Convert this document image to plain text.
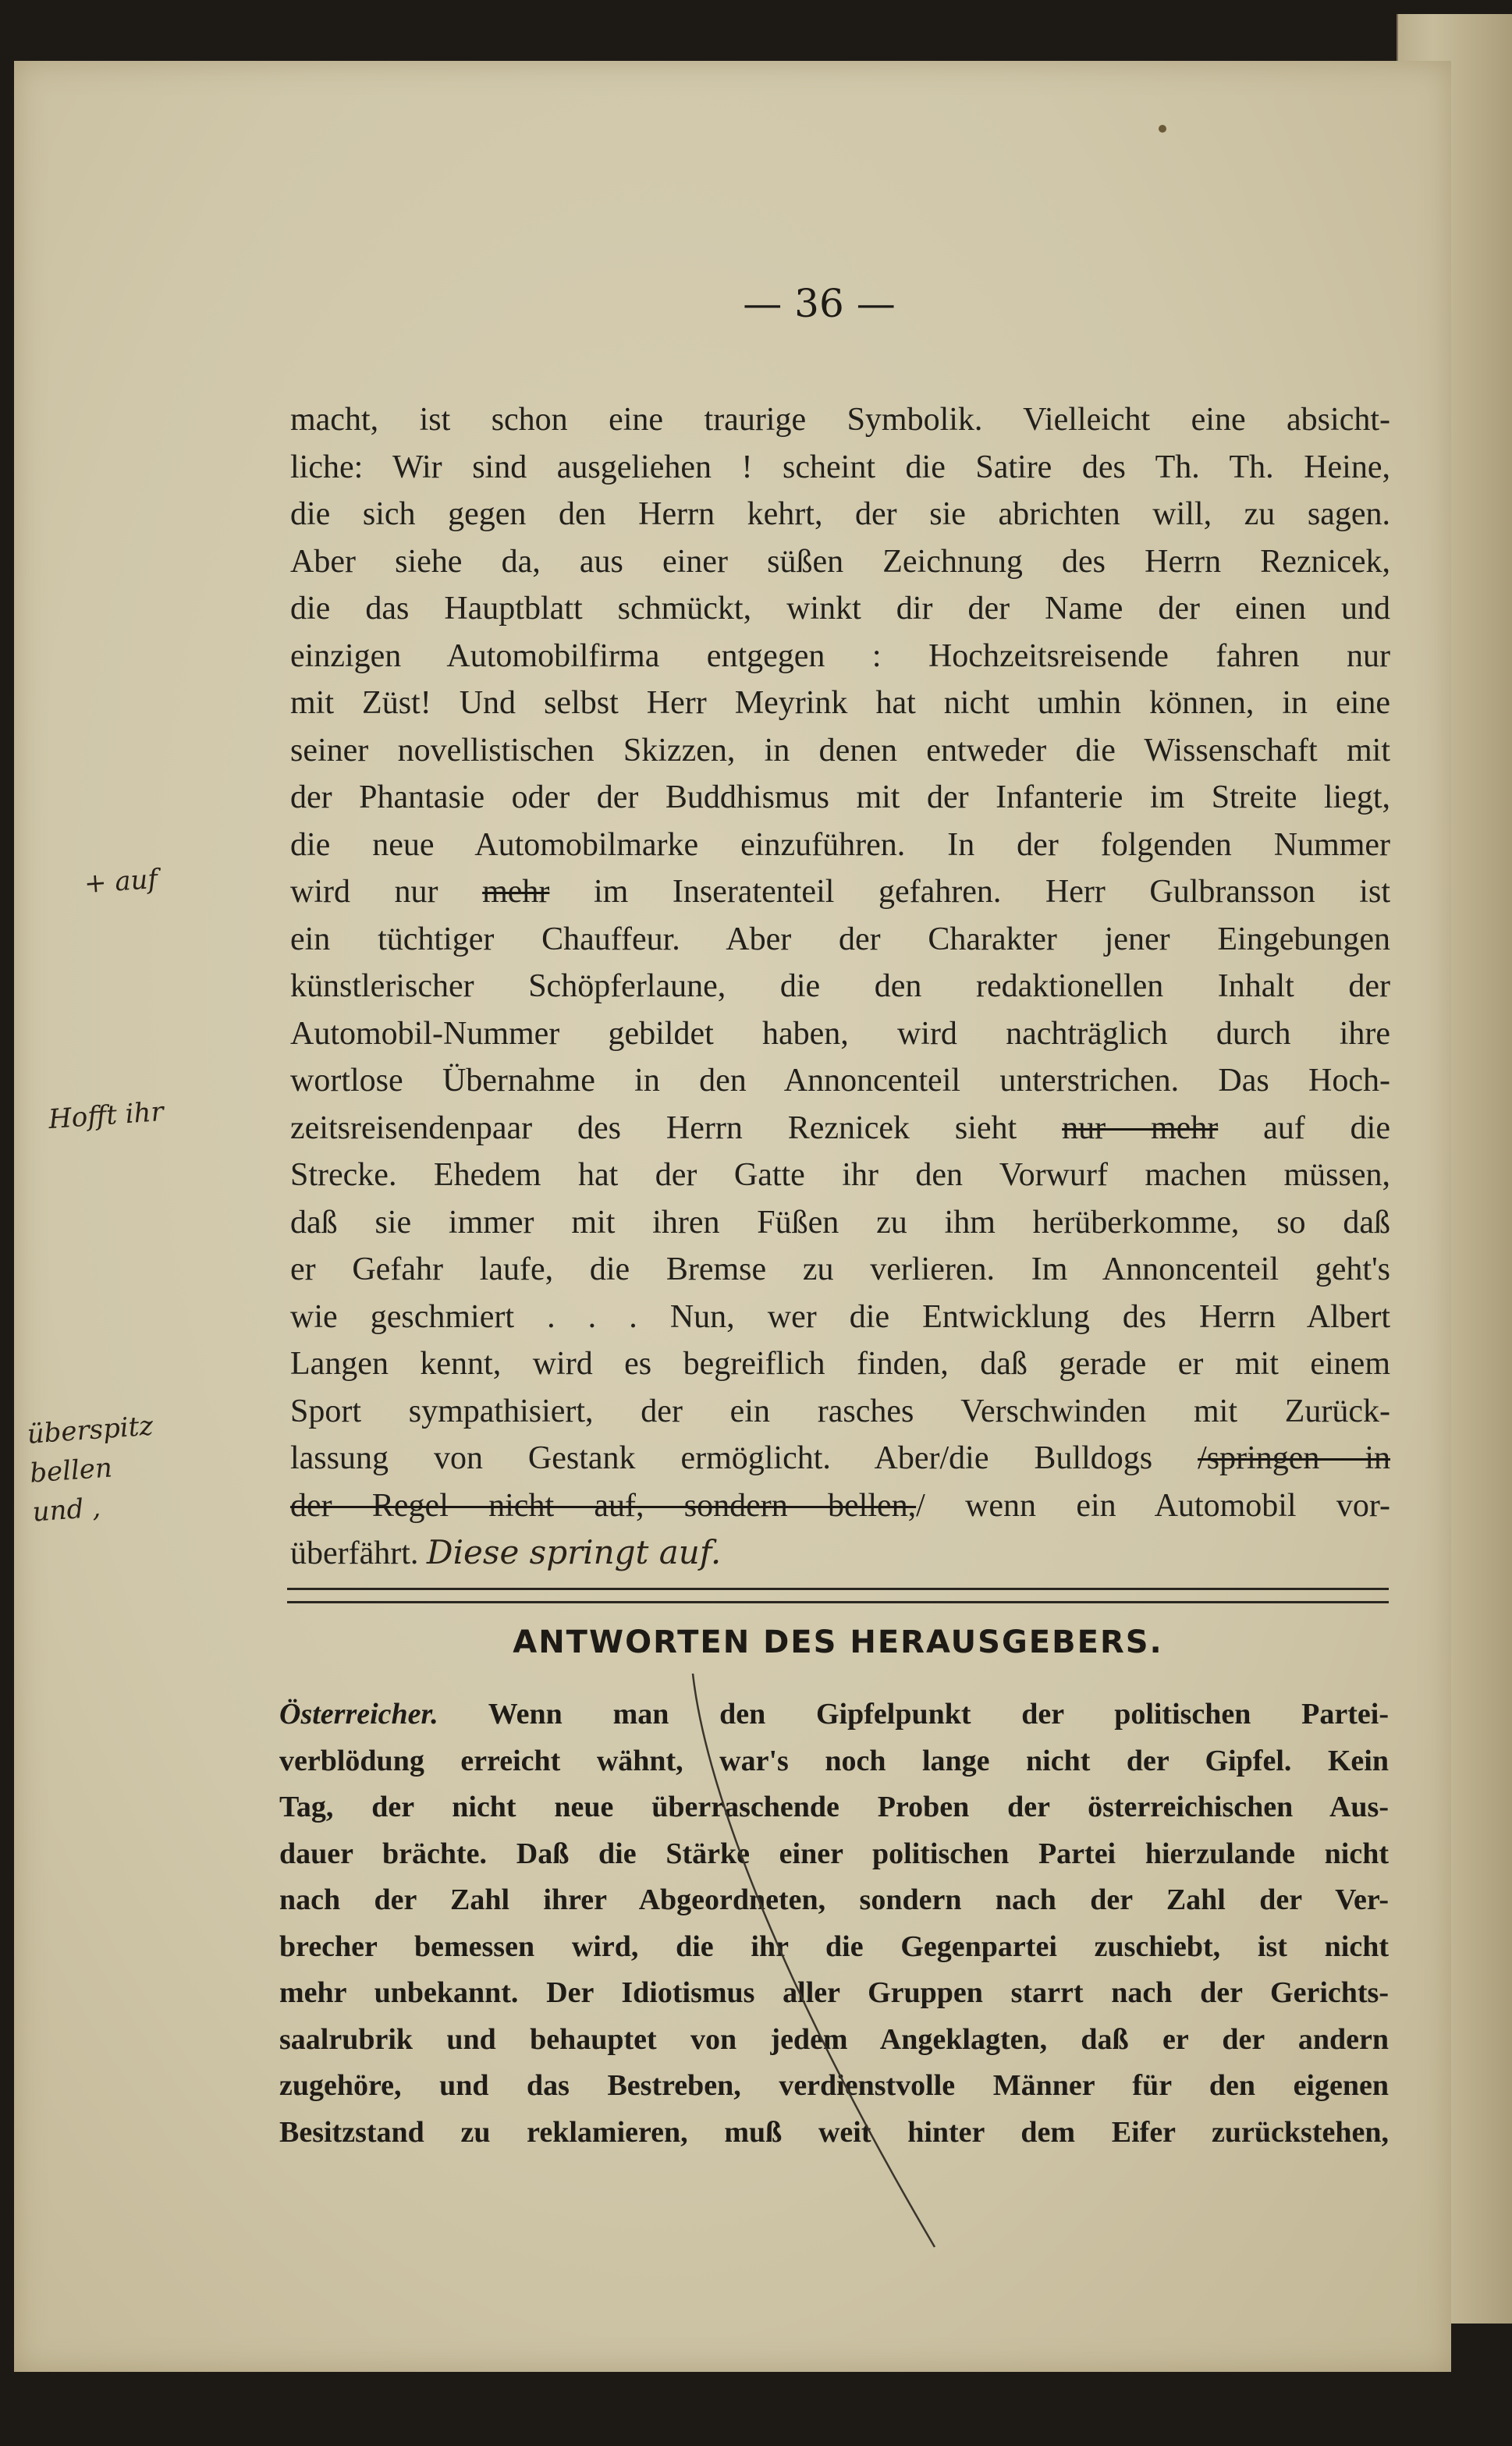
— 36 —
macht, ist schon eine traurige Symbolik. Vielleicht eine absicht-
liche: Wir sind ausgeliehen ! scheint die Satire des Th. Th. Heine,
die sich gegen den Herrn kehrt, der sie abrichten will, zu sagen.
Aber siehe da, aus einer süßen Zeichnung des Herrn Reznicek,
die das Hauptblatt schmückt, winkt dir der Name der einen und
einzigen Automobilfirma entgegen : Hochzeitsreisende fahren nur
mit Züst! Und selbst Herr Meyrink hat nicht umhin können, in eine
seiner novellistischen Skizzen, in denen entweder die Wissenschaft mit
der Phantasie oder der Buddhismus mit der Infanterie im Streite liegt,
die neue Automobilmarke einzuführen. In der folgenden Nummer
wird nur mehr im Inseratenteil gefahren. Herr Gulbransson ist
ein tüchtiger Chauffeur. Aber der Charakter jener Eingebungen
künstlerischer Schöpferlaune, die den redaktionellen Inhalt der
Automobil-Nummer gebildet haben, wird nachträglich durch ihre
wortlose Übernahme in den Annoncenteil unterstrichen. Das Hoch-
zeitsreisendenpaar des Herrn Reznicek sieht nur mehr auf die
Strecke. Ehedem hat der Gatte ihr den Vorwurf machen müssen,
daß sie immer mit ihren Füßen zu ihm herüberkomme, so daß
er Gefahr laufe, die Bremse zu verlieren. Im Annoncenteil geht's
wie geschmiert . . . Nun, wer die Entwicklung des Herrn Albert
Langen kennt, wird es begreiflich finden, daß gerade er mit einem
Sport sympathisiert, der ein rasches Verschwinden mit Zurück-
lassung von Gestank ermöglicht. Aber/die Bulldogs /springen in
der Regel nicht auf, sondern bellen,/ wenn ein Automobil vor-
überfährt. Diese springt auf.
+ auf
Hofft ihr
überspitz bellen
und ,
ANTWORTEN DES HERAUSGEBERS.
Österreicher. Wenn man den Gipfelpunkt der politischen Partei-
verblödung erreicht wähnt, war's noch lange nicht der Gipfel. Kein
Tag, der nicht neue überraschende Proben der österreichischen Aus-
dauer brächte. Daß die Stärke einer politischen Partei hierzulande nicht
nach der Zahl ihrer Abgeordneten, sondern nach der Zahl der Ver-
brecher bemessen wird, die ihr die Gegenpartei zuschiebt, ist nicht
mehr unbekannt. Der Idiotismus aller Gruppen starrt nach der Gerichts-
saalrubrik und behauptet von jedem Angeklagten, daß er der andern
zugehöre, und das Bestreben, verdienstvolle Männer für den eigenen
Besitzstand zu reklamieren, muß weit hinter dem Eifer zurückstehen,
